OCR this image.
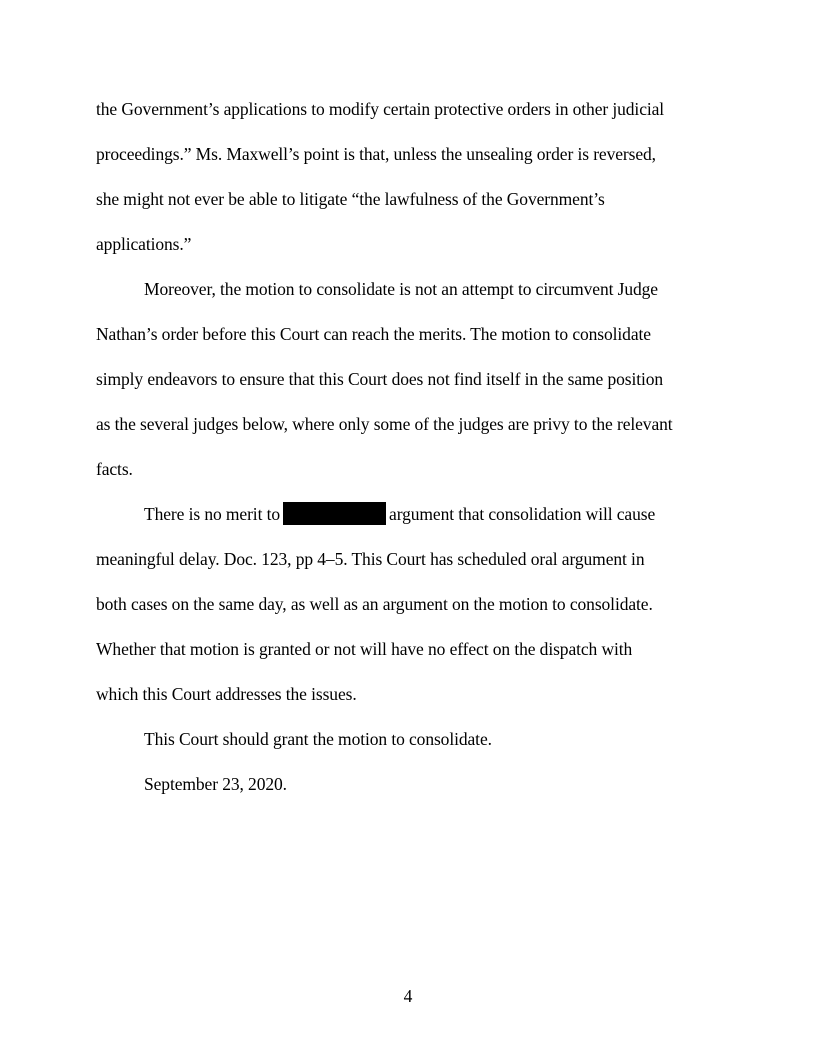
the Government’s applications to modify certain protective orders in other judicial
proceedings.” Ms. Maxwell’s point is that, unless the unsealing order is reversed,
she might not ever be able to litigate “the lawfulness of the Government’s
applications.”
Moreover, the motion to consolidate is not an attempt to circumvent Judge
Nathan’s order before this Court can reach the merits. The motion to consolidate
simply endeavors to ensure that this Court does not find itself in the same position
as the several judges below, where only some of the judges are privy to the relevant
facts.
There is no merit to	argument that consolidation will cause
meaningful delay. Doc. 123, pp 4–5. This Court has scheduled oral argument in
both cases on the same day, as well as an argument on the motion to consolidate.
Whether that motion is granted or not will have no effect on the dispatch with
which this Court addresses the issues.
This Court should grant the motion to consolidate.
September 23, 2020.
4
